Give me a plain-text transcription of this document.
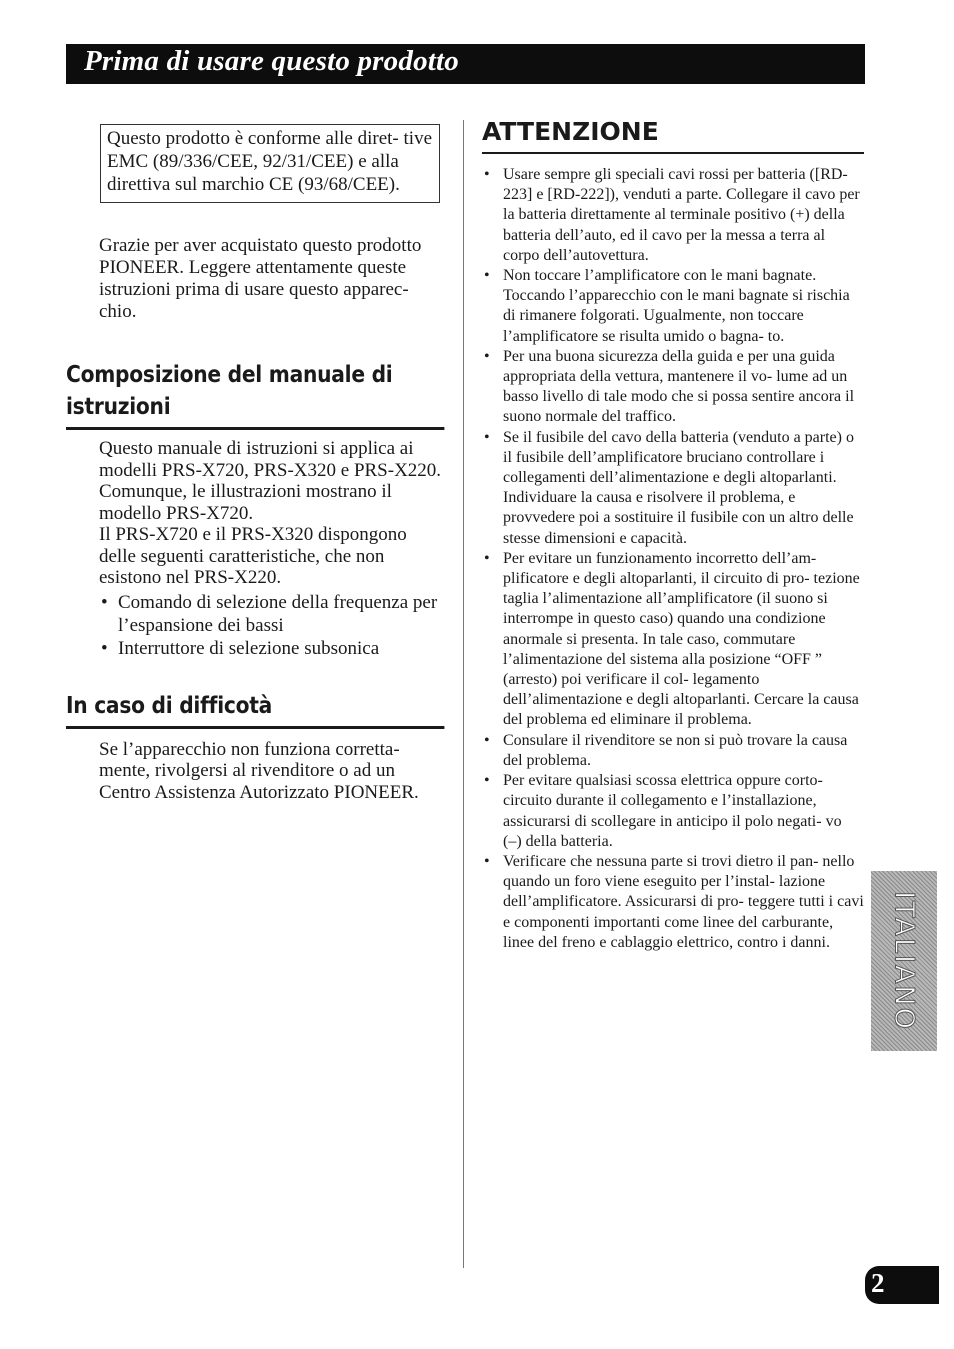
Prima di usare questo prodotto
Questo prodotto è conforme alle diret- tive EMC (89/336/CEE, 92/31/CEE) e alla direttiva sul marchio CE (93/68/CEE).

Grazie per aver acquistato questo prodotto PIONEER. Leggere attentamente queste istruzioni prima di usare questo apparec- chio.

Composizione del manuale di istruzioni

Questo manuale di istruzioni si applica ai modelli PRS-X720, PRS-X320 e PRS-X220. Comunque, le illustrazioni mostrano il modello PRS-X720.

Il PRS-X720 e il PRS-X320 dispongono delle seguenti caratteristiche, che non esistono nel PRS-X220.

• Comando di selezione della frequenza per l’espansione dei bassi
• Interruttore di selezione subsonica
In caso di difficotà

Se l’apparecchio non funziona corretta- mente, rivolgersi al rivenditore o ad un Centro Assistenza Autorizzato PIONEER.

ATTENZIONE
• Usare sempre gli speciali cavi rossi per batteria ([RD-223] e [RD-222]), venduti a parte. Collegare il cavo per la batteria direttamente al terminale positivo (+) della batteria dell’auto, ed il cavo per la messa a terra al corpo dell’autovettura.
• Non toccare l’amplificatore con le mani bagnate. Toccando l’apparecchio con le mani bagnate si rischia di rimanere folgorati. Ugualmente, non toccare l’amplificatore se risulta umido o bagna- to.
• Per una buona sicurezza della guida e per una guida appropriata della vettura, mantenere il vo- lume ad un basso livello di tale modo che si possa sentire ancora il suono normale del traffico.
• Se il fusibile del cavo della batteria (venduto a parte) o il fusibile dell’amplificatore bruciano controllare i collegamenti dell’alimentazione e degli altoparlanti. Individuare la causa e risolvere il problema, e provvedere poi a sostituire il fusibile con un altro delle stesse dimensioni e capacità.
• Per evitare un funzionamento incorretto dell’am- plificatore e degli altoparlanti, il circuito di pro- tezione taglia l’alimentazione all’amplificatore (il suono si interrompe in questo caso) quando una condizione anormale si presenta. In tale caso, commutare l’alimentazione del sistema alla posizione “OFF ” (arresto) poi verificare il col- legamento dell’alimentazione e degli altoparlanti. Cercare la causa del problema ed eliminare il problema.
• Consulare il rivenditore se non si può trovare la causa del problema.
• Per evitare qualsiasi scossa elettrica oppure corto- circuito durante il collegamento e l’installazione, assicurarsi di scollegare in anticipo il polo negati- vo (–) della batteria.
• Verificare che nessuna parte si trovi dietro il pan- nello quando un foro viene eseguito per l’instal- lazione dell’amplificatore. Assicurarsi di pro- teggere tutti i cavi e componenti importanti come linee del carburante, linee del freno e cablaggio elettrico, contro i danni.	ITALIANO
2
